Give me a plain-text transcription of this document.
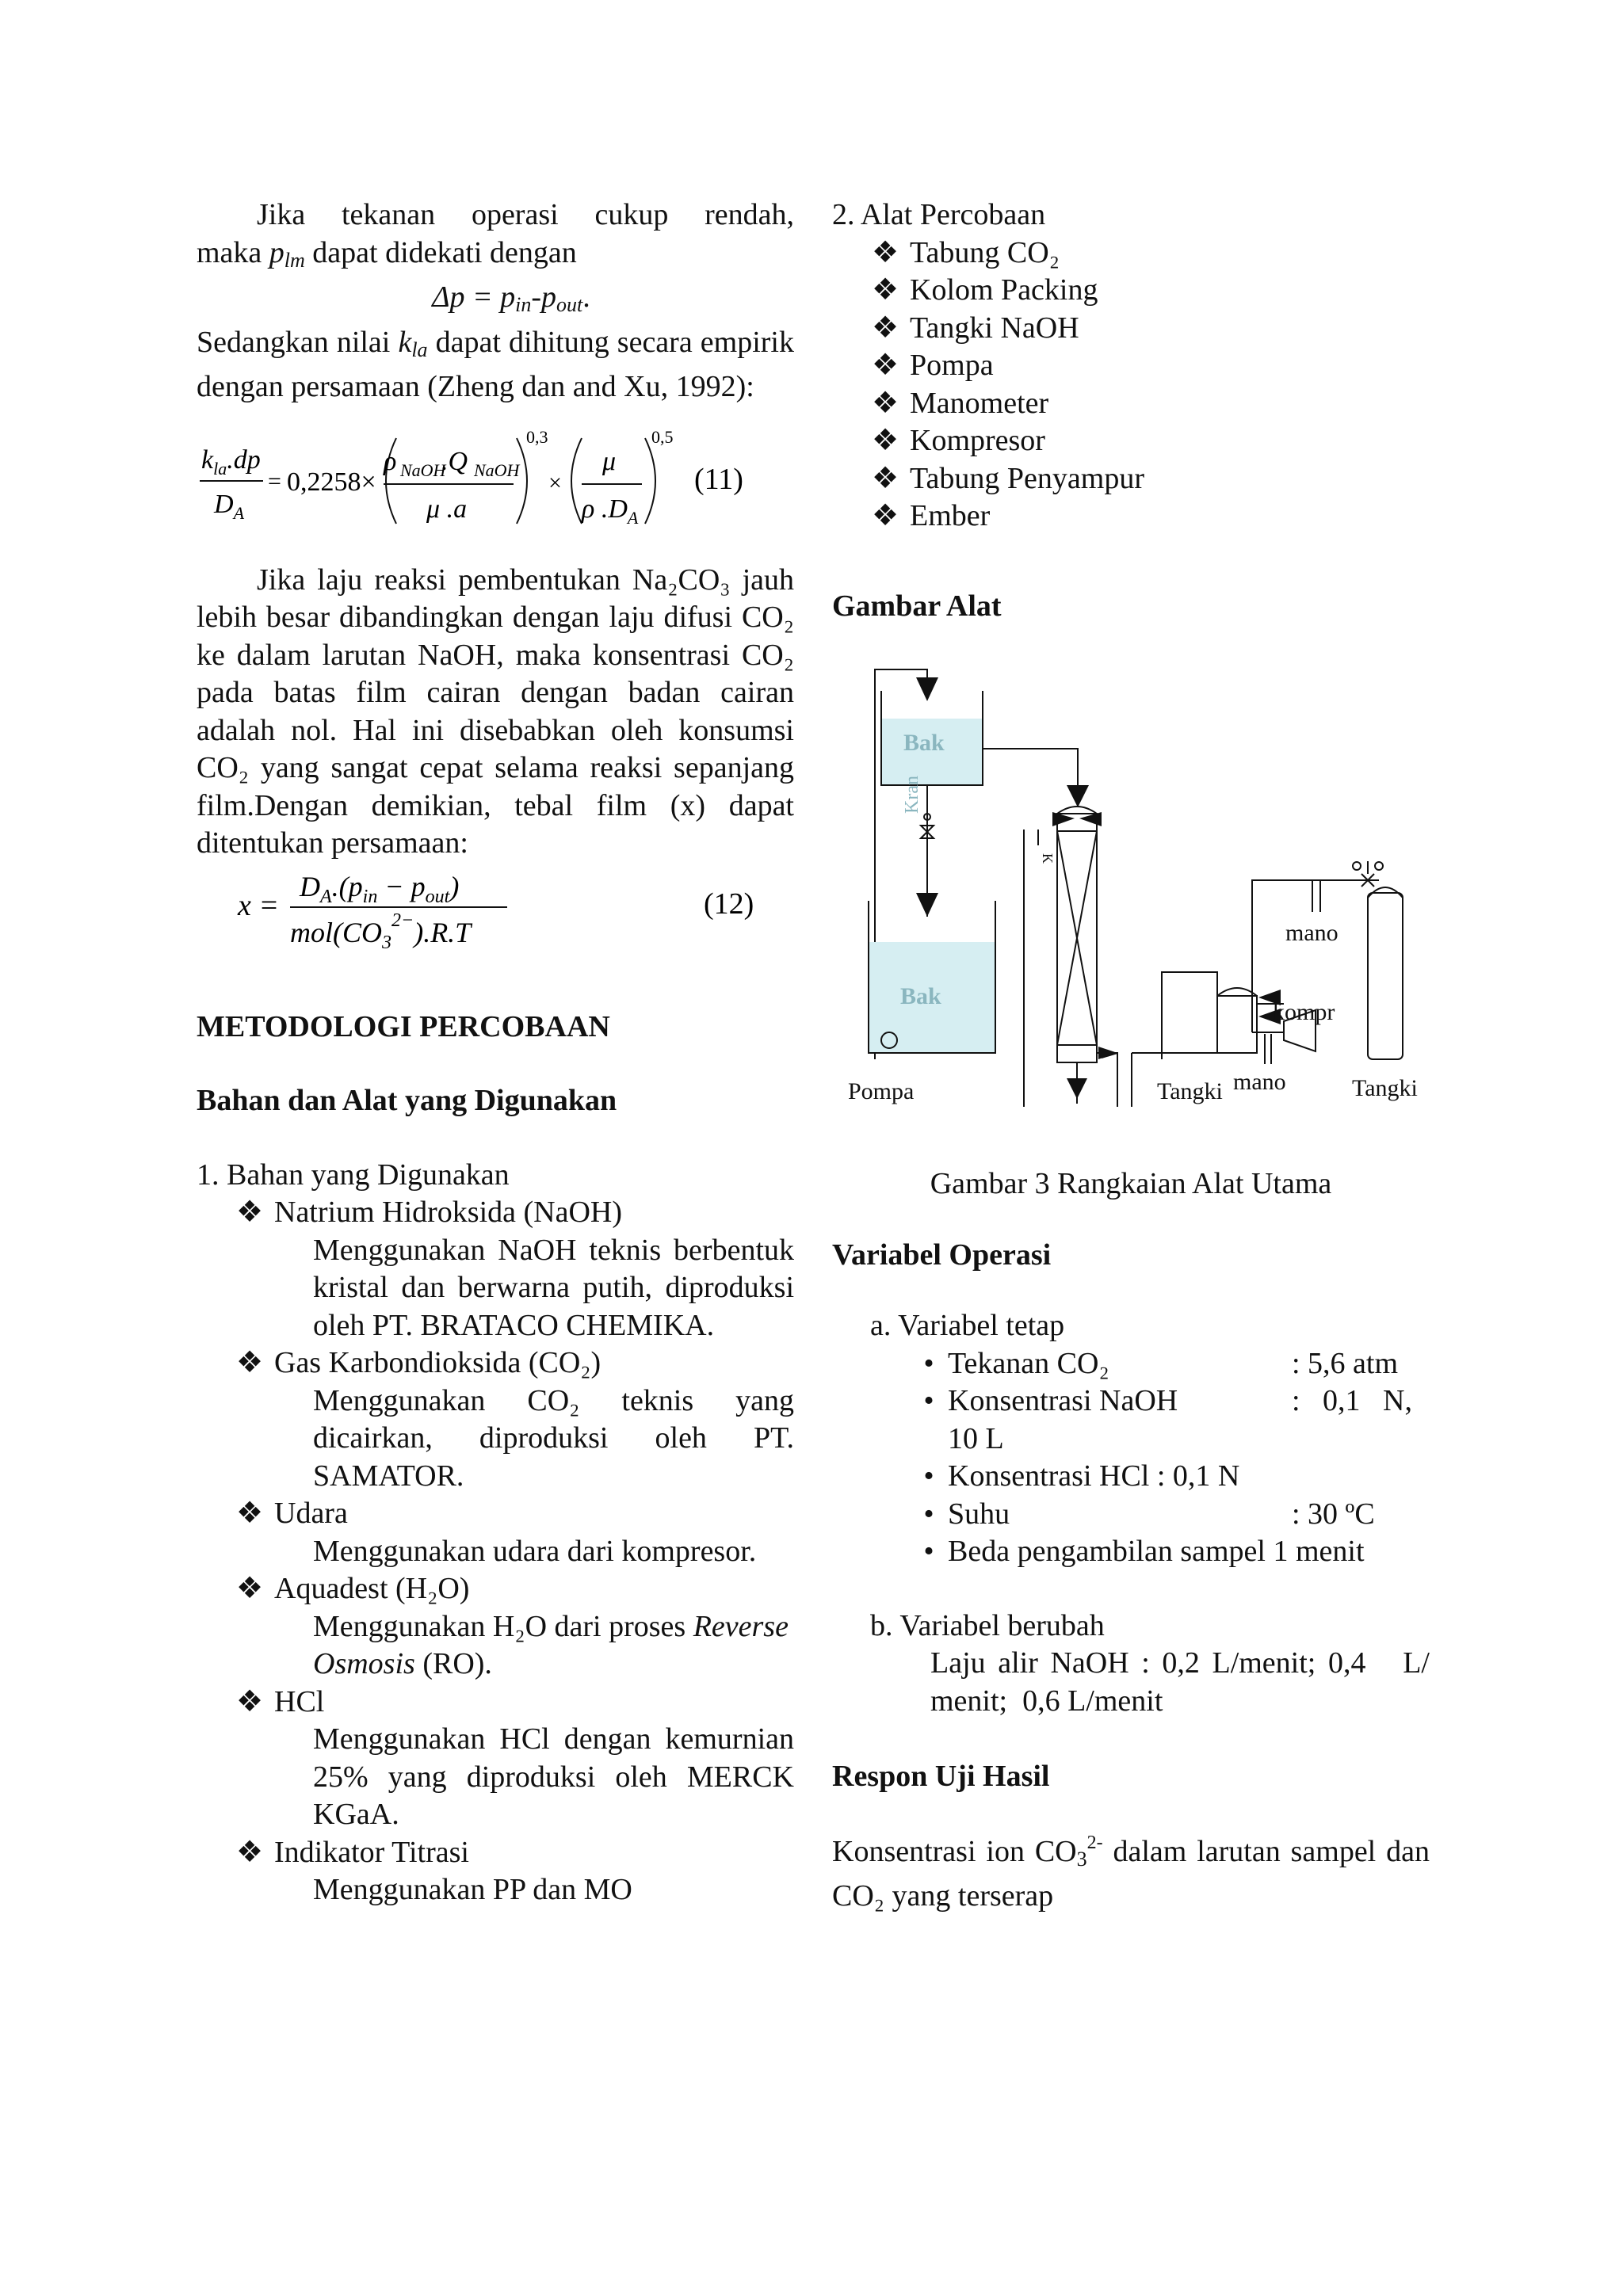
Jika tekanan operasi cukup rendah,

maka $p_{lm}$ dapat didekati dengan

$\Delta p = p_{in}-p_{out}$.

Sedangkan nilai $k_{la}$ dapat dihitung secara empirik dengan persamaan (Zheng dan and Xu, 1992):

$k_{la}.dp$
$D_A$
= 0,2258×
ρ NaOH
.Q NaOH
μ .a
0,3
×
μ
ρ $.D_A$
0,5
(11)

Jika laju reaksi pembentukan Na₂CO₃ jauh lebih besar dibandingkan dengan laju difusi CO₂ ke dalam larutan NaOH, maka konsentrasi CO₂ pada batas film cairan dengan badan cairan adalah nol. Hal ini disebabkan oleh konsumsi CO₂ yang sangat cepat selama reaksi sepanjang film.Dengan demikian, tebal film (x) dapat ditentukan persamaan:

x =
$D_A.(p_{in} - p_{out})$
$mol(CO_3^{2-}).R.T$
(12)

METODOLOGI PERCOBAAN

Bahan dan Alat yang Digunakan

1. Bahan yang Digunakan

❖ Natrium Hidroksida (NaOH)

Menggunakan NaOH teknis berbentuk kristal dan berwarna putih, diproduksi oleh PT. BRATACO CHEMIKA.

❖ Gas Karbondioksida (CO₂)

Menggunakan CO₂ teknis yang dicairkan, diproduksi oleh PT. SAMATOR.

❖ Udara

Menggunakan udara dari kompresor.

❖ Aquadest (H₂O)

Menggunakan H₂O dari proses Reverse Osmosis (RO).

❖ HCl

Menggunakan HCl dengan kemurnian 25% yang diproduksi oleh MERCK KGaA.

❖ Indikator Titrasi

Menggunakan PP dan MO

2. Alat Percobaan

❖ Tabung CO₂
❖ Kolom Packing
❖ Tangki NaOH
❖ Pompa
❖ Manometer
❖ Kompresor
❖ Tabung Penyampur
❖ Ember

Gambar Alat

Bak
Bak
Kran
K
Pompa	Tangki mano
mano
kompr
Tangki

Gambar 3 Rangkaian Alat Utama

Variabel Operasi

a. Variabel tetap

• Tekanan CO₂	: 5,6 atm
• Konsentrasi NaOH	:   0,1   N,

10 L

• Konsentrasi HCl : 0,1 N
• Suhu	: 30 ºC
• Beda pengambilan sampel 1 menit

b. Variabel berubah

Laju alir NaOH : 0,2 L/menit; 0,4   L/ menit;  0,6 L/menit

Respon Uji Hasil

Konsentrasi ion $CO_3^{2-}$ dalam larutan sampel dan CO₂ yang terserap
